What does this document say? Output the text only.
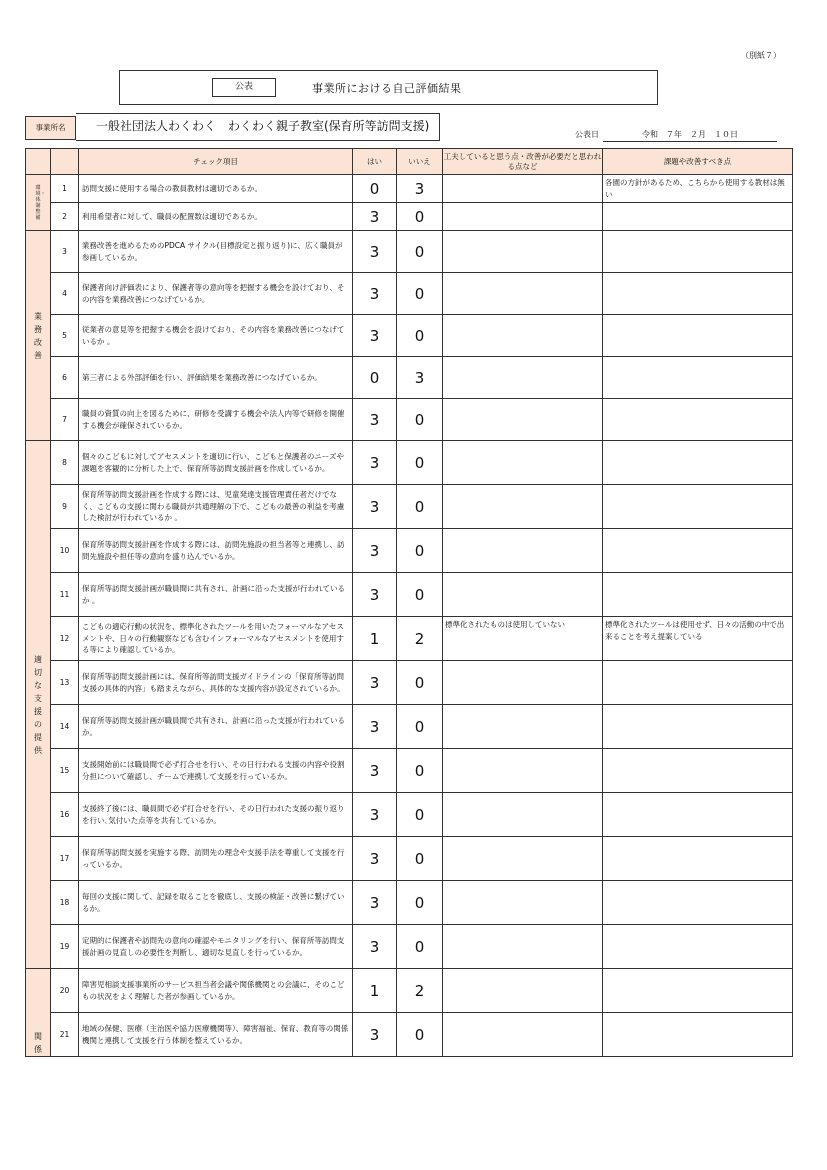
（別紙７）
公表	事業所における自己評価結果
事業所名	一般社団法人わくわく　わくわく親子教室(保育所等訪問支援)
公表日	令和　７年　２月　１０日
		チェック項目	はい	いいえ	工夫していると思う点・改善が必要だと思われる点など	課題や改善すべき点
環境・体制整備	1	訪問支援に使用する場合の教員教材は適切であるか。	0	3		各園の方針があるため、こちらから使用する教材は無い
	2	利用希望者に対して、職員の配置数は適切であるか。	3	0		
業務改善	3	業務改善を進めるためのPDCA サイクル(目標設定と振り返り)に、広く職員が参画しているか。	3	0		
	4	保護者向け評価表により、保護者等の意向等を把握する機会を設けており、その内容を業務改善につなげているか。	3	0		
	5	従業者の意見等を把握する機会を設けており、その内容を業務改善につなげているか 。	3	0		
	6	第三者による外部評価を行い、評価結果を業務改善につなげているか。	0	3		
	7	職員の資質の向上を図るために、研修を受講する機会や法人内等で研修を開催する機会が確保されているか。	3	0		
適切な支援の提供	8	個々のこどもに対してアセスメントを適切に行い、こどもと保護者のニーズや課題を客観的に分析した上で、保育所等訪問支援計画を作成しているか。	3	0		
	9	保育所等訪問支援計画を作成する際には、児童発達支援管理責任者だけでなく、こどもの支援に関わる職員が共通理解の下で、こどもの最善の利益を考慮した検討が行われているか 。	3	0		
	10	保育所等訪問支援計画を作成する際には、訪問先施設の担当者等と連携し、訪問先施設や担任等の意向を盛り込んでいるか。	3	0		
	11	保育所等訪問支援計画が職員間に共有され、計画に沿った支援が行われているか 。	3	0		
	12	こどもの適応行動の状況を、標準化されたツールを用いたフォーマルなアセスメントや、日々の行動観察なども含むインフォーマルなアセスメントを使用する等により確認しているか。	1	2	標準化されたものは使用していない	標準化されたツールは使用せず、日々の活動の中で出来ることを考え提案している
	13	保育所等訪問支援計画には、保育所等訪問支援ガイドラインの「保育所等訪問支援の具体的内容」も踏まえながら、具体的な支援内容が設定されているか。	3	0		
	14	保育所等訪問支援計画が職員間で共有され、計画に沿った支援が行われているか。	3	0		
	15	支援開始前には職員間で必ず打合せを行い、その日行われる支援の内容や役割分担について確認し、チームで連携して支援を行っているか。	3	0		
	16	支援終了後には、職員間で必ず打合せを行い、その日行われた支援の振り返りを行い､気付いた点等を共有しているか。	3	0		
	17	保育所等訪問支援を実施する際、訪問先の理念や支援手法を尊重して支援を行っているか。	3	0		
	18	毎回の支援に関して、記録を取ることを徹底し、支援の検証・改善に繋げているか。	3	0		
	19	定期的に保護者や訪問先の意向の確認やモニタリングを行い、保育所等訪問支援計画の見直しの必要性を判断し、適切な見直しを行っているか。	3	0		
関係	20	障害児相談支援事業所のサービス担当者会議や関係機関との会議に、そのこどもの状況をよく理解した者が参画しているか。	1	2		
	21	地域の保健、医療（主治医や協力医療機関等）、障害福祉、保育、教育等の関係機関と連携して支援を行う体制を整えているか。	3	0		
